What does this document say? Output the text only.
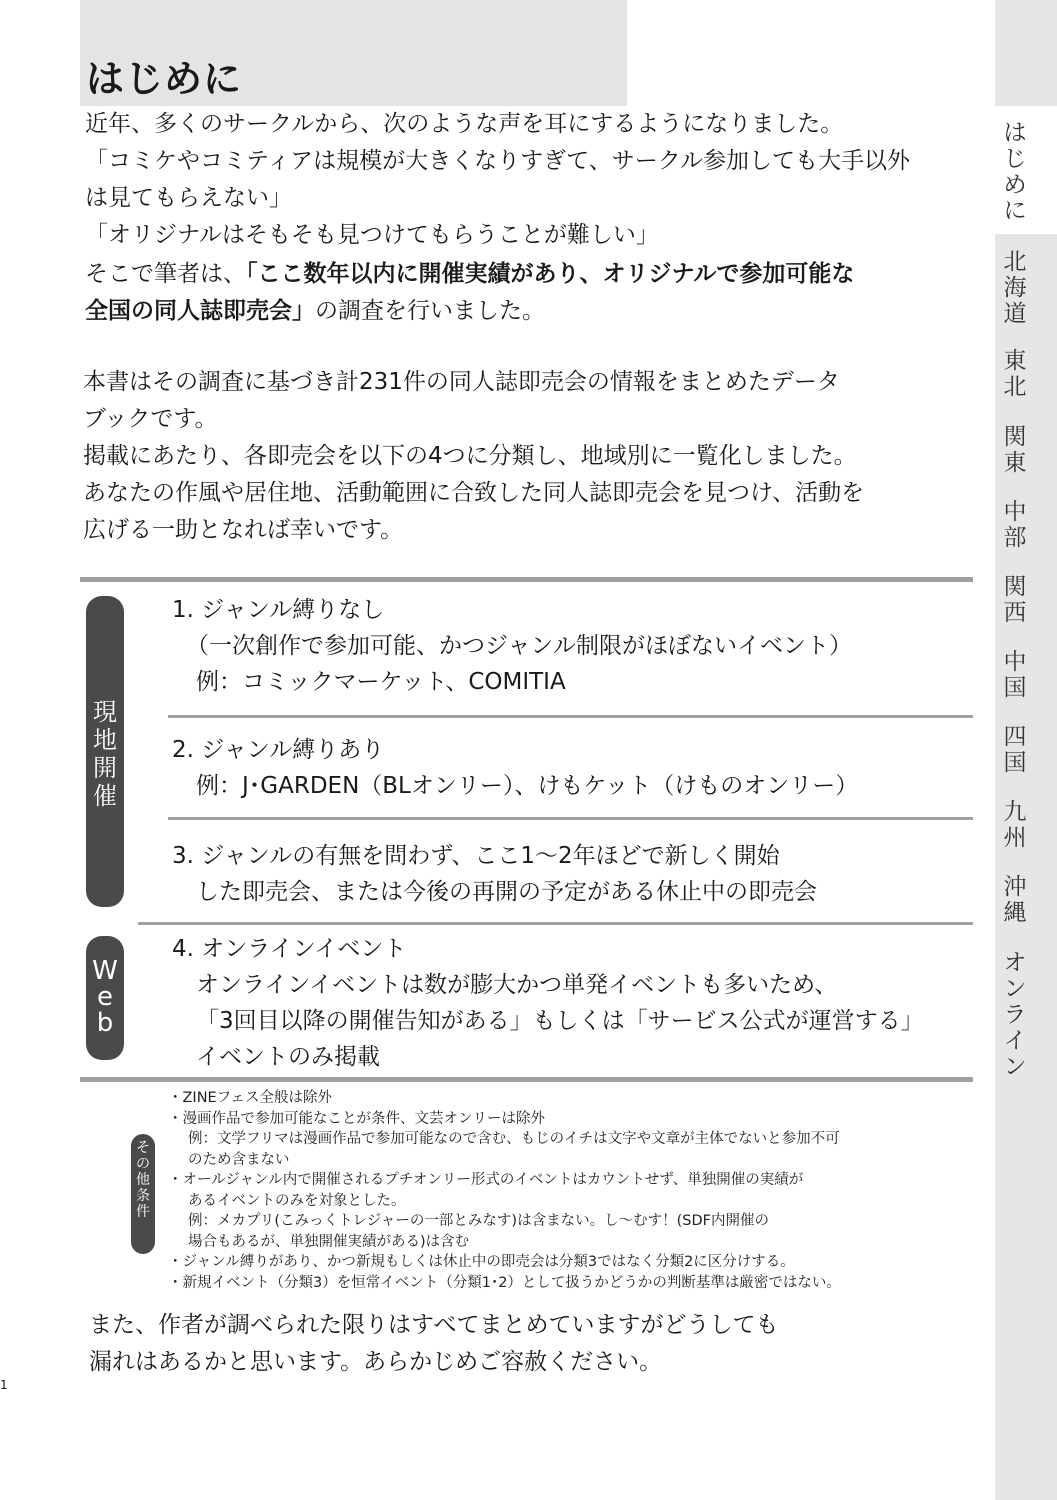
はじめに
近年、多くのサークルから、次のような声を耳にするようになりました。
「コミケやコミティアは規模が大きくなりすぎて、サークル参加しても大手以外
は見てもらえない」
「オリジナルはそもそも見つけてもらうことが難しい」
そこで筆者は、「ここ数年以内に開催実績があり、オリジナルで参加可能な
全国の同人誌即売会」の調査を行いました。
本書はその調査に基づき計231件の同人誌即売会の情報をまとめたデータ
ブックです。
掲載にあたり、各即売会を以下の4つに分類し、地域別に一覧化しました。
あなたの作風や居住地、活動範囲に合致した同人誌即売会を見つけ、活動を
広げる一助となれば幸いです。
現
地
開
催
1. ジャンル縛りなし
（一次創作で参加可能、かつジャンル制限がほぼないイベント）
例：コミックマーケット、COMITIA
2. ジャンル縛りあり
例：J･GARDEN（BLオンリー）、けもケット（けものオンリー）
3. ジャンルの有無を問わず、ここ1〜2年ほどで新しく開始
した即売会、または今後の再開の予定がある休止中の即売会
W
e
b
4. オンラインイベント
オンラインイベントは数が膨大かつ単発イベントも多いため、
「3回目以降の開催告知がある」もしくは「サービス公式が運営する」
イベントのみ掲載
そ
の
他
条
件
・ZINEフェス全般は除外
・漫画作品で参加可能なことが条件、文芸オンリーは除外
例：文学フリマは漫画作品で参加可能なので含む、もじのイチは文字や文章が主体でないと参加不可
のため含まない
・オールジャンル内で開催されるプチオンリー形式のイベントはカウントせず、単独開催の実績が
あるイベントのみを対象とした。
例：メカプリ(こみっくトレジャーの一部とみなす)は含まない。し〜むす！(SDF内開催の
場合もあるが、単独開催実績がある)は含む
・ジャンル縛りがあり、かつ新規もしくは休止中の即売会は分類3ではなく分類2に区分けする。
・新規イベント（分類3）を恒常イベント（分類1･2）として扱うかどうかの判断基準は厳密ではない。
また、作者が調べられた限りはすべてまとめていますがどうしても
漏れはあるかと思います。あらかじめご容赦ください。
1
は
じ
め
に
北
海
道
東
北
関
東
中
部
関
西
中
国
四
国
九
州
沖
縄
オ
ン
ラ
イ
ン
